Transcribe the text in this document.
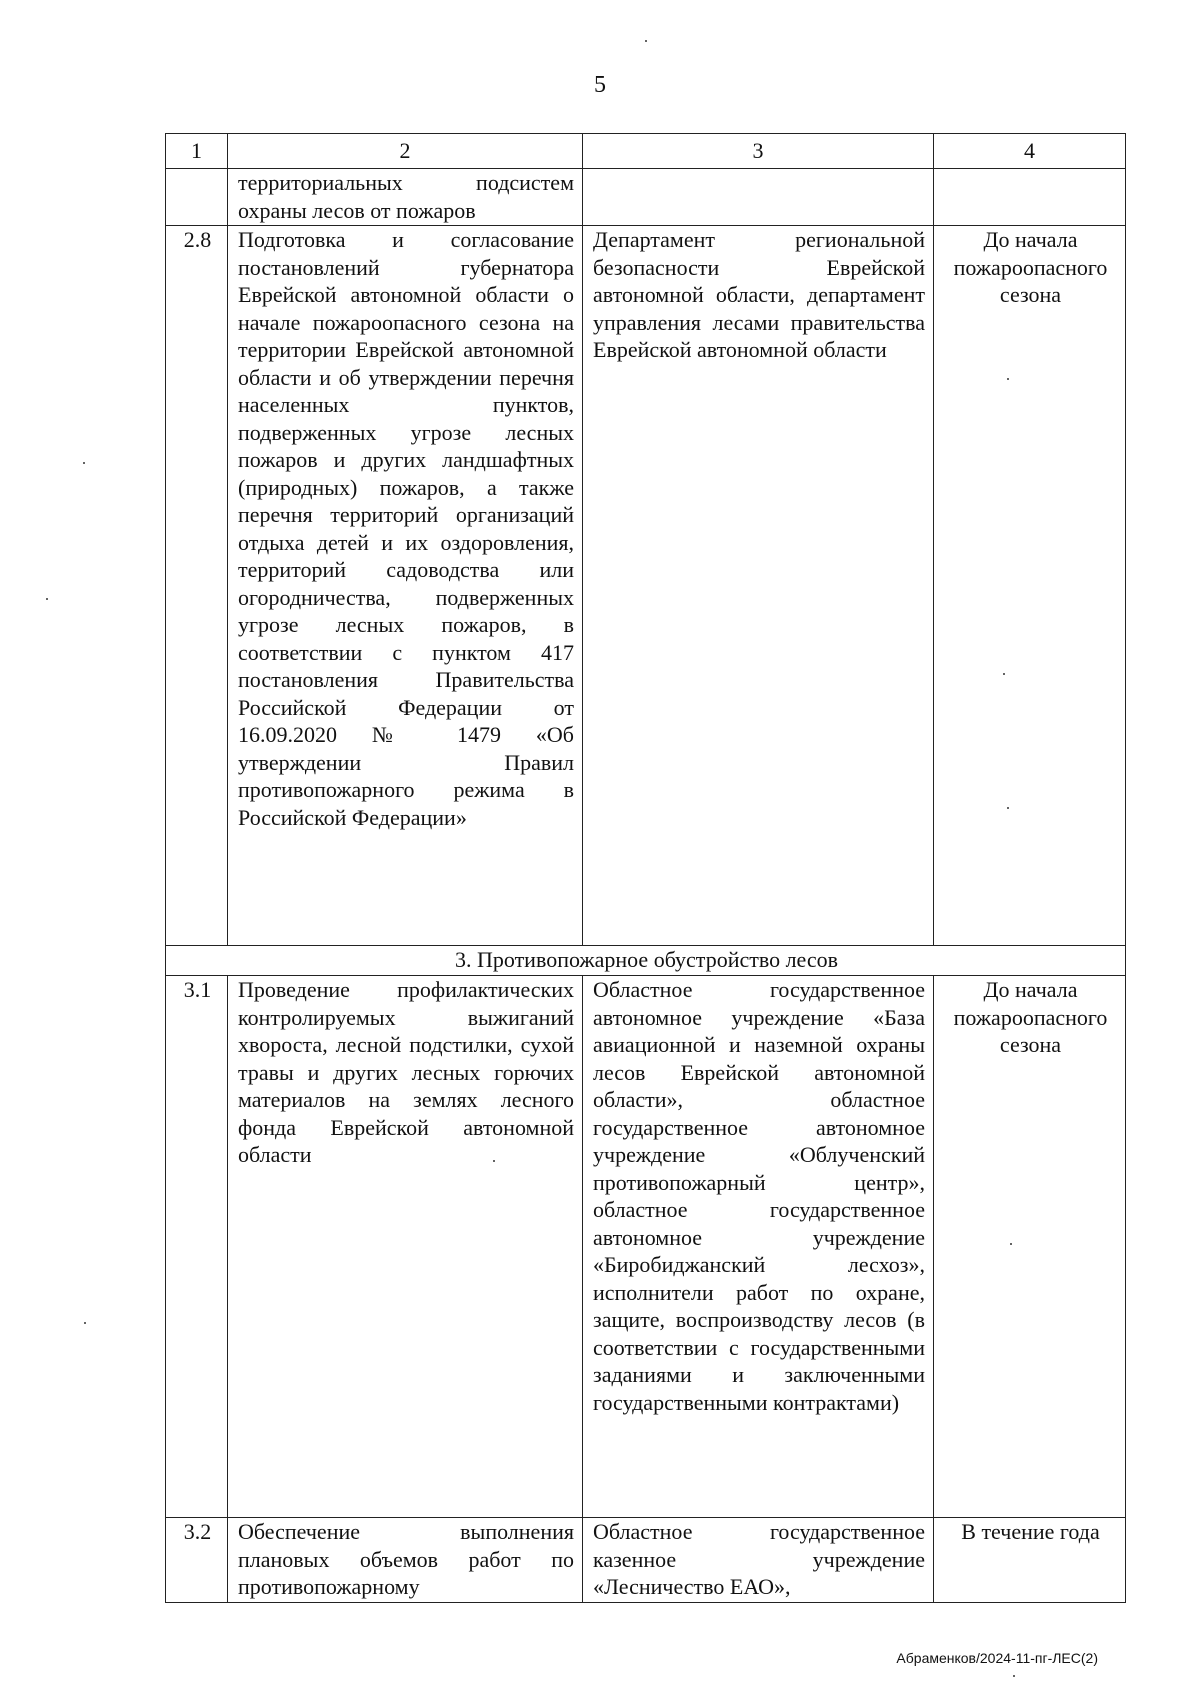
5
1	2	3	4
	территориальных подсистем охраны лесов от пожаров		
2.8	Подготовка и согласование постановлений губернатора Еврейской автономной области о начале пожароопасного сезона на территории Еврейской автономной области и об утверждении перечня населенных пунктов, подверженных угрозе лесных пожаров и других ландшафтных (природных) пожаров, а также перечня территорий организаций отдыха детей и их оздоровления, территорий садоводства или огородничества, подверженных угрозе лесных пожаров, в соответствии с пунктом 417 постановления Правительства Российской Федерации от 16.09.2020 № 1479 «Об утверждении Правил противопожарного режима в Российской Федерации»	Департамент региональной безопасности Еврейской автономной области, департамент управления лесами правительства Еврейской автономной области	До начала пожароопасного сезона
3. Противопожарное обустройство лесов			
3.1	Проведение профилактических контролируемых выжиганий хвороста, лесной подстилки, сухой травы и других лесных горючих материалов на землях лесного фонда Еврейской автономной области	Областное государственное автономное учреждение «База авиационной и наземной охраны лесов Еврейской автономной области», областное государственное автономное учреждение «Облученский противопожарный центр», областное государственное автономное учреждение «Биробиджанский лесхоз», исполнители работ по охране, защите, воспроизводству лесов (в соответствии с государственными заданиями и заключенными государственными контрактами)	До начала пожароопасного сезона
3.2	Обеспечение выполнения плановых объемов работ по противопожарному	Областное государственное казенное учреждение «Лесничество ЕАО»,	В течение года
Абраменков/2024-11-пг-ЛЕС(2)
